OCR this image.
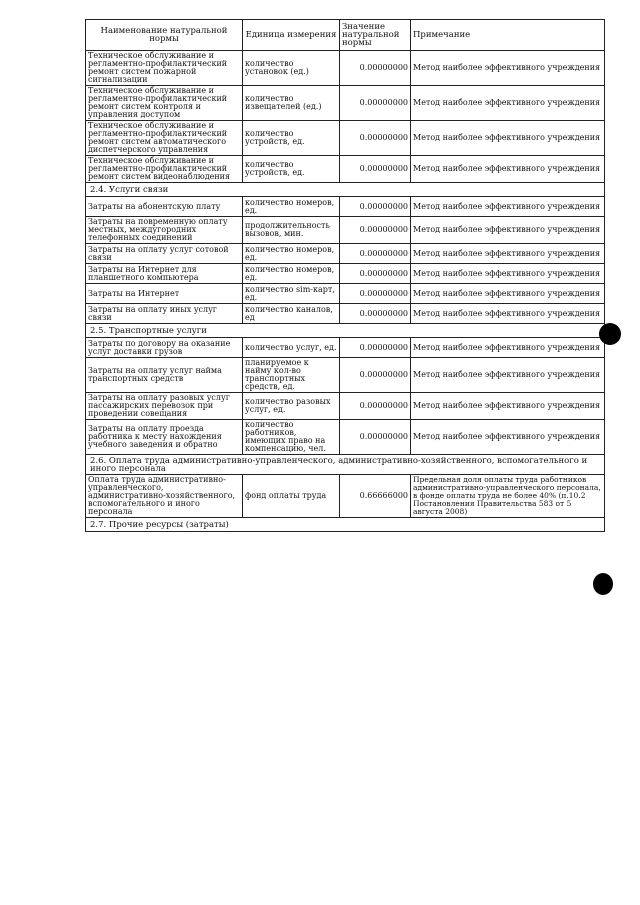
Наименование натуральной нормы	Единица измерения	Значение натуральной нормы	Примечание
Техническое обслуживание и регламентно-профилактический ремонт систем пожарной сигнализации	количество установок (ед.)	0.00000000	Метод наиболее эффективного учреждения
Техническое обслуживание и регламентно-профилактический ремонт систем контроля и управления доступом	количество извещателей (ед.)	0.00000000	Метод наиболее эффективного учреждения
Техническое обслуживание и регламентно-профилактический ремонт систем автоматического диспетчерского управления	количество устройств, ед.	0.00000000	Метод наиболее эффективного учреждения
Техническое обслуживание и регламентно-профилактический ремонт систем видеонаблюдения	количество устройств, ед.	0.00000000	Метод наиболее эффективного учреждения
2.4. Услуги связи			
Затраты на абонентскую плату	количество номеров, ед.	0.00000000	Метод наиболее эффективного учреждения
Затраты на повременную оплату местных, междугородних телефонных соединений	продолжительность вызовов, мин.	0.00000000	Метод наиболее эффективного учреждения
Затраты на оплату услуг сотовой связи	количество номеров, ед.	0.00000000	Метод наиболее эффективного учреждения
Затраты на Интернет для планшетного компьютера	количество номеров, ед.	0.00000000	Метод наиболее эффективного учреждения
Затраты на Интернет	количество sim-карт, ед.	0.00000000	Метод наиболее эффективного учреждения
Затраты на оплату иных услуг связи	количество каналов, ед	0.00000000	Метод наиболее эффективного учреждения
2.5. Транспортные услуги			
Затраты по договору на оказание услуг доставки грузов	количество услуг, ед.	0.00000000	Метод наиболее эффективного учреждения
Затраты на оплату услуг найма транспортных средств	планируемое к найму кол-во транспортных средств, ед.	0.00000000	Метод наиболее эффективного учреждения
Затраты на оплату разовых услуг пассажирских перевозок при проведении совещания	количество разовых услуг, ед.	0.00000000	Метод наиболее эффективного учреждения
Затраты на оплату проезда работника к месту нахождения учебного заведения и обратно	количество работников, имеющих право на компенсацию, чел.	0.00000000	Метод наиболее эффективного учреждения
2.6. Оплата труда административно-управленческого, административно-хозяйственного, вспомогательного и иного персонала			
Оплата труда административно-управленческого, административно-хозяйственного, вспомогательного и иного персонала	фонд оплаты труда	0.66666000	Предельная доля оплаты труда работников административно-управленческого персонала, в фонде оплаты труда не более 40% (п.10.2 Постановления Правительства 583 от 5 августа 2008)
2.7. Прочие ресурсы (затраты)			
